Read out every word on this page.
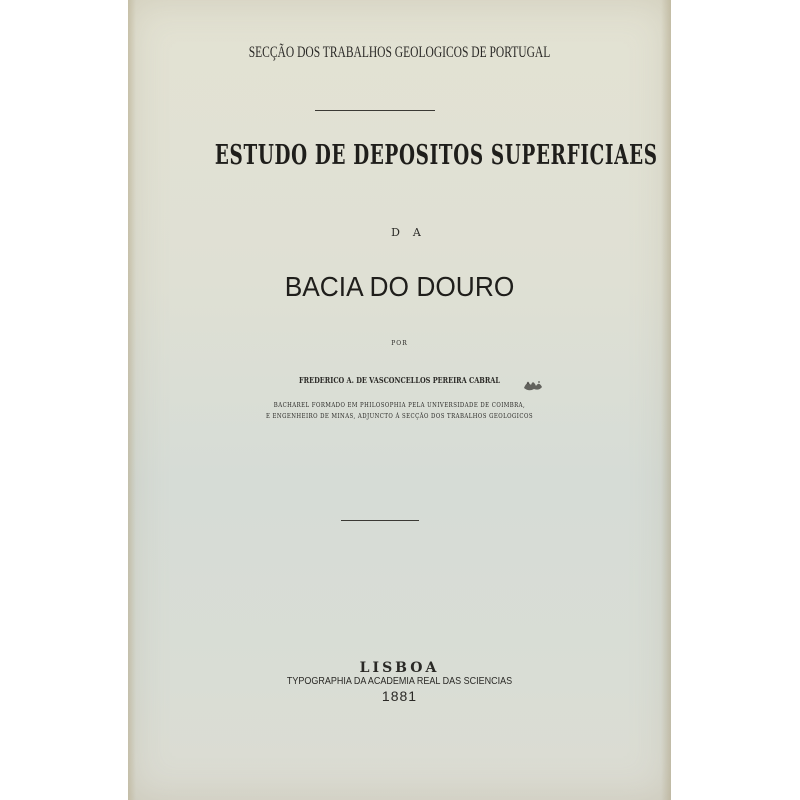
SECÇÃO DOS TRABALHOS GEOLOGICOS DE PORTUGAL
ESTUDO DE DEPOSITOS SUPERFICIAES
DA
BACIA DO DOURO
POR
FREDERICO A. DE VASCONCELLOS PEREIRA CABRAL
BACHAREL FORMADO EM PHILOSOPHIA PELA UNIVERSIDADE DE COIMBRA,
E ENGENHEIRO DE MINAS, ADJUNCTO Á SECÇÃO DOS TRABALHOS GEOLOGICOS
LISBOA
TYPOGRAPHIA DA ACADEMIA REAL DAS SCIENCIAS
1881
